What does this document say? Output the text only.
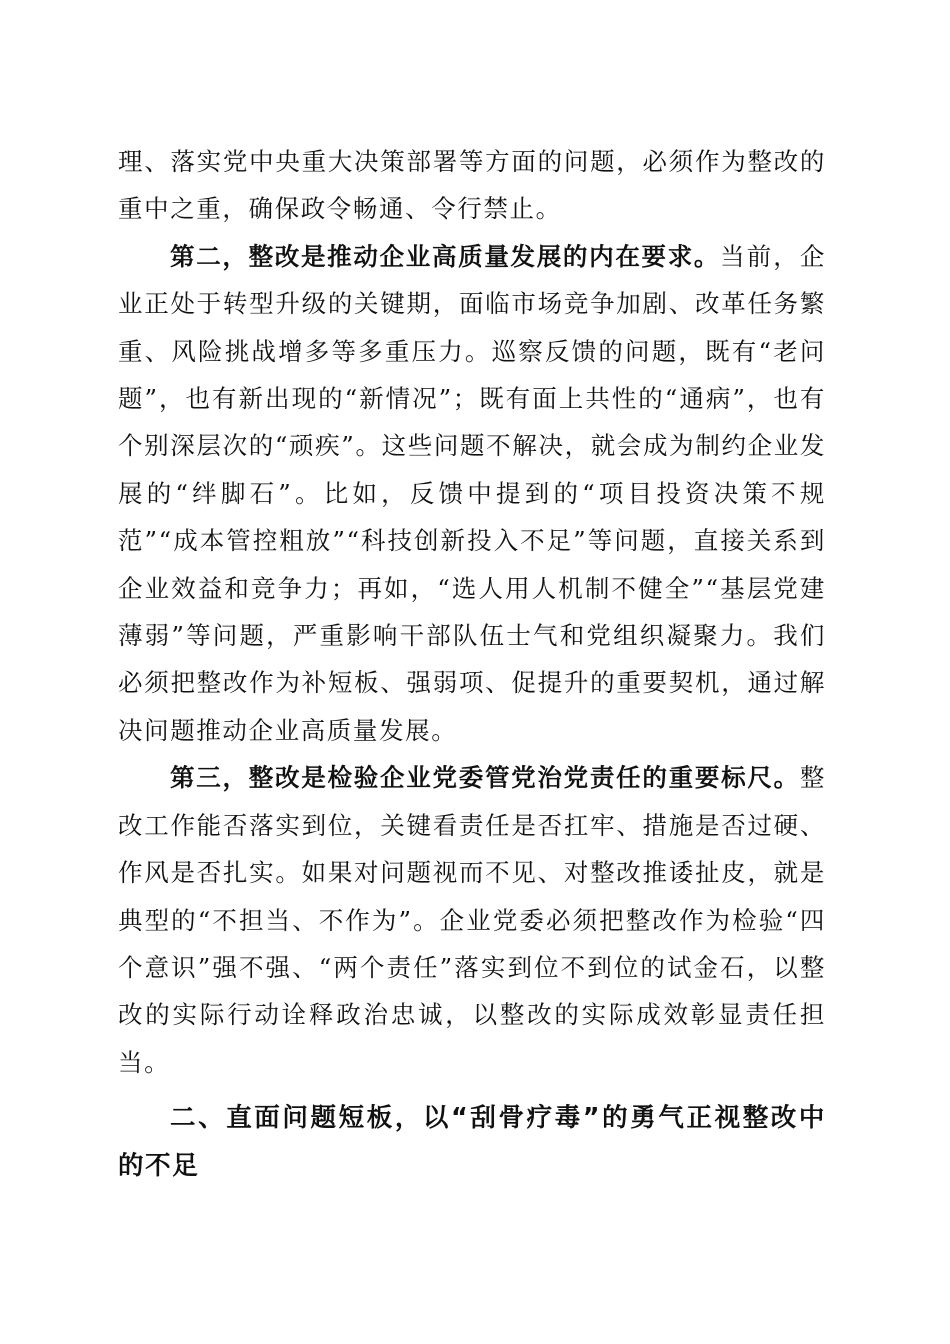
理、落实党中央重大决策部署等方面的问题，必须作为整改的重中之重，确保政令畅通、令行禁止。

第二，整改是推动企业高质量发展的内在要求。当前，企业正处于转型升级的关键期，面临市场竞争加剧、改革任务繁重、风险挑战增多等多重压力。巡察反馈的问题，既有“老问题”，也有新出现的“新情况”；既有面上共性的“通病”，也有个别深层次的“顽疾”。这些问题不解决，就会成为制约企业发展的“绊脚石”。比如，反馈中提到的“项目投资决策不规范”“成本管控粗放”“科技创新投入不足”等问题，直接关系到企业效益和竞争力；再如，“选人用人机制不健全”“基层党建薄弱”等问题，严重影响干部队伍士气和党组织凝聚力。我们必须把整改作为补短板、强弱项、促提升的重要契机，通过解决问题推动企业高质量发展。

第三，整改是检验企业党委管党治党责任的重要标尺。整改工作能否落实到位，关键看责任是否扛牢、措施是否过硬、作风是否扎实。如果对问题视而不见、对整改推诿扯皮，就是典型的“不担当、不作为”。企业党委必须把整改作为检验“四个意识”强不强、“两个责任”落实到位不到位的试金石，以整改的实际行动诠释政治忠诚，以整改的实际成效彰显责任担当。

二、直面问题短板，以“刮骨疗毒”的勇气正视整改中的不足
